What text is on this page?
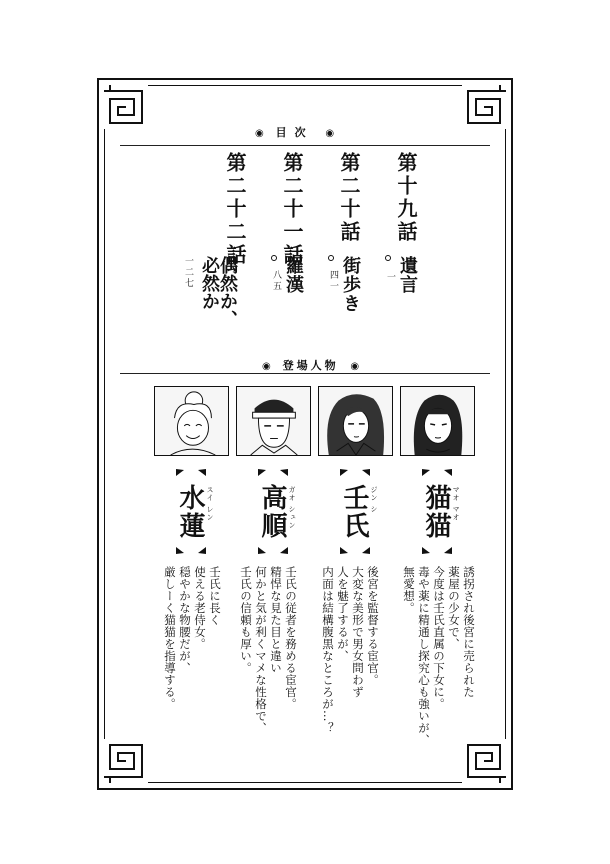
◉ 目次 ◉
第十九話
遺言
一
第二十話
街歩き
四一
第二十一話
羅漢
八五
第二十二話
偶然か、必然か
一二七
◉ 登場人物 ◉
猫猫 マオ マオ
壬氏 ジン シ
高順 ガオ シュン
水蓮 スイ レン
誘拐され後宮に売られた
薬屋の少女で、
今度は壬氏直属の下女に。
毒や薬に精通し探究心も強いが、
無愛想。
後宮を監督する宦官。
大変な美形で男女問わず
人を魅了するが、
内面は結構腹黒なところが…？
壬氏の従者を務める宦官。
精悍な見た目と違い
何かと気が利くマメな性格で、
壬氏の信頼も厚い。
壬氏に長く
使える老侍女。
穏やかな物腰だが、
厳しーく猫猫を指導する。
